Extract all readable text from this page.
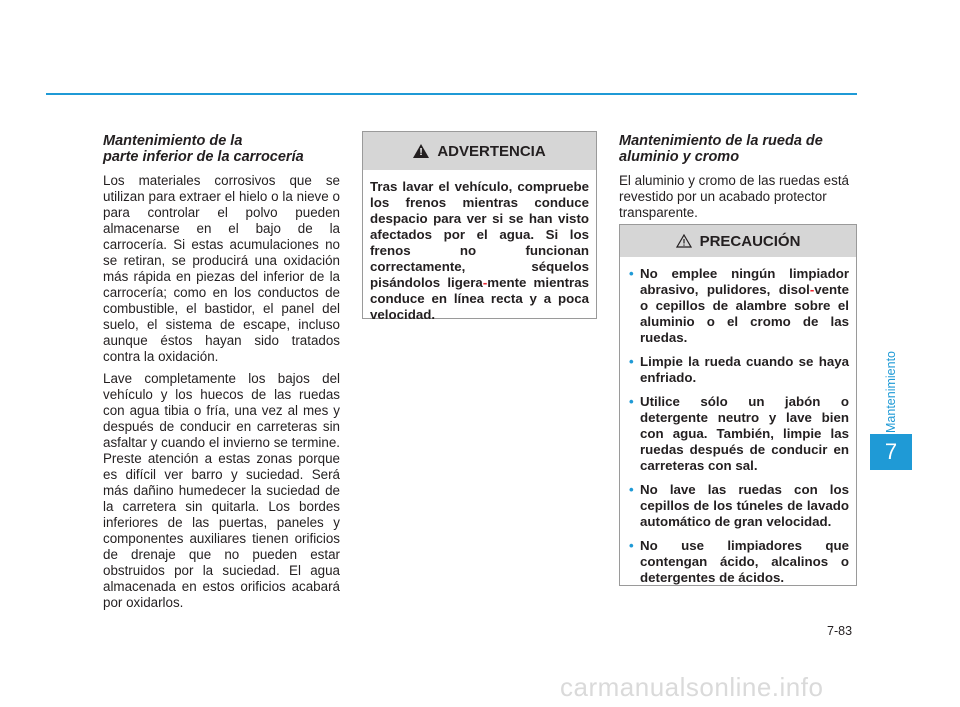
Mantenimiento de la
parte inferior de la carrocería

Los materiales corrosivos que se utilizan para extraer el hielo o la nieve o para controlar el polvo pueden almacenarse en el bajo de la carrocería. Si estas acumulaciones no se retiran, se producirá una oxidación más rápida en piezas del inferior de la carrocería; como en los conductos de combustible, el bastidor, el panel del suelo, el sistema de escape, incluso aunque éstos hayan sido tratados contra la oxidación.

Lave completamente los bajos del vehículo y los huecos de las ruedas con agua tibia o fría, una vez al mes y después de conducir en carreteras sin asfaltar y cuando el invierno se termine. Preste atención a estas zonas porque es difícil ver barro y suciedad. Será más dañino humedecer la suciedad de la carretera sin quitarla. Los bordes inferiores de las puertas, paneles y componentes auxiliares tienen orificios de drenaje que no pueden estar obstruidos por la suciedad. El agua almacenada en estos orificios acabará por oxidarlos.

! ADVERTENCIA
Tras lavar el vehículo, compruebe los frenos mientras conduce despacio para ver si se han visto afectados por el agua. Si los frenos no funcionan correctamente, séquelos pisándolos ligera-mente mientras conduce en línea recta y a poca velocidad.

Mantenimiento de la rueda de
aluminio y cromo

El aluminio y cromo de las ruedas está revestido por un acabado protector transparente.

PRECAUCIÓN
• No emplee ningún limpiador abrasivo, pulidores, disol-vente o cepillos de alambre sobre el aluminio o el cromo de las ruedas.
• Limpie la rueda cuando se haya enfriado.
• Utilice sólo un jabón o detergente neutro y lave bien con agua. También, limpie las ruedas después de conducir en carreteras con sal.
• No lave las ruedas con los cepillos de los túneles de lavado automático de gran velocidad.
• No use limpiadores que contengan ácido, alcalinos o detergentes de ácidos.
Mantenimiento
7
7-83
carmanualsonline.info
